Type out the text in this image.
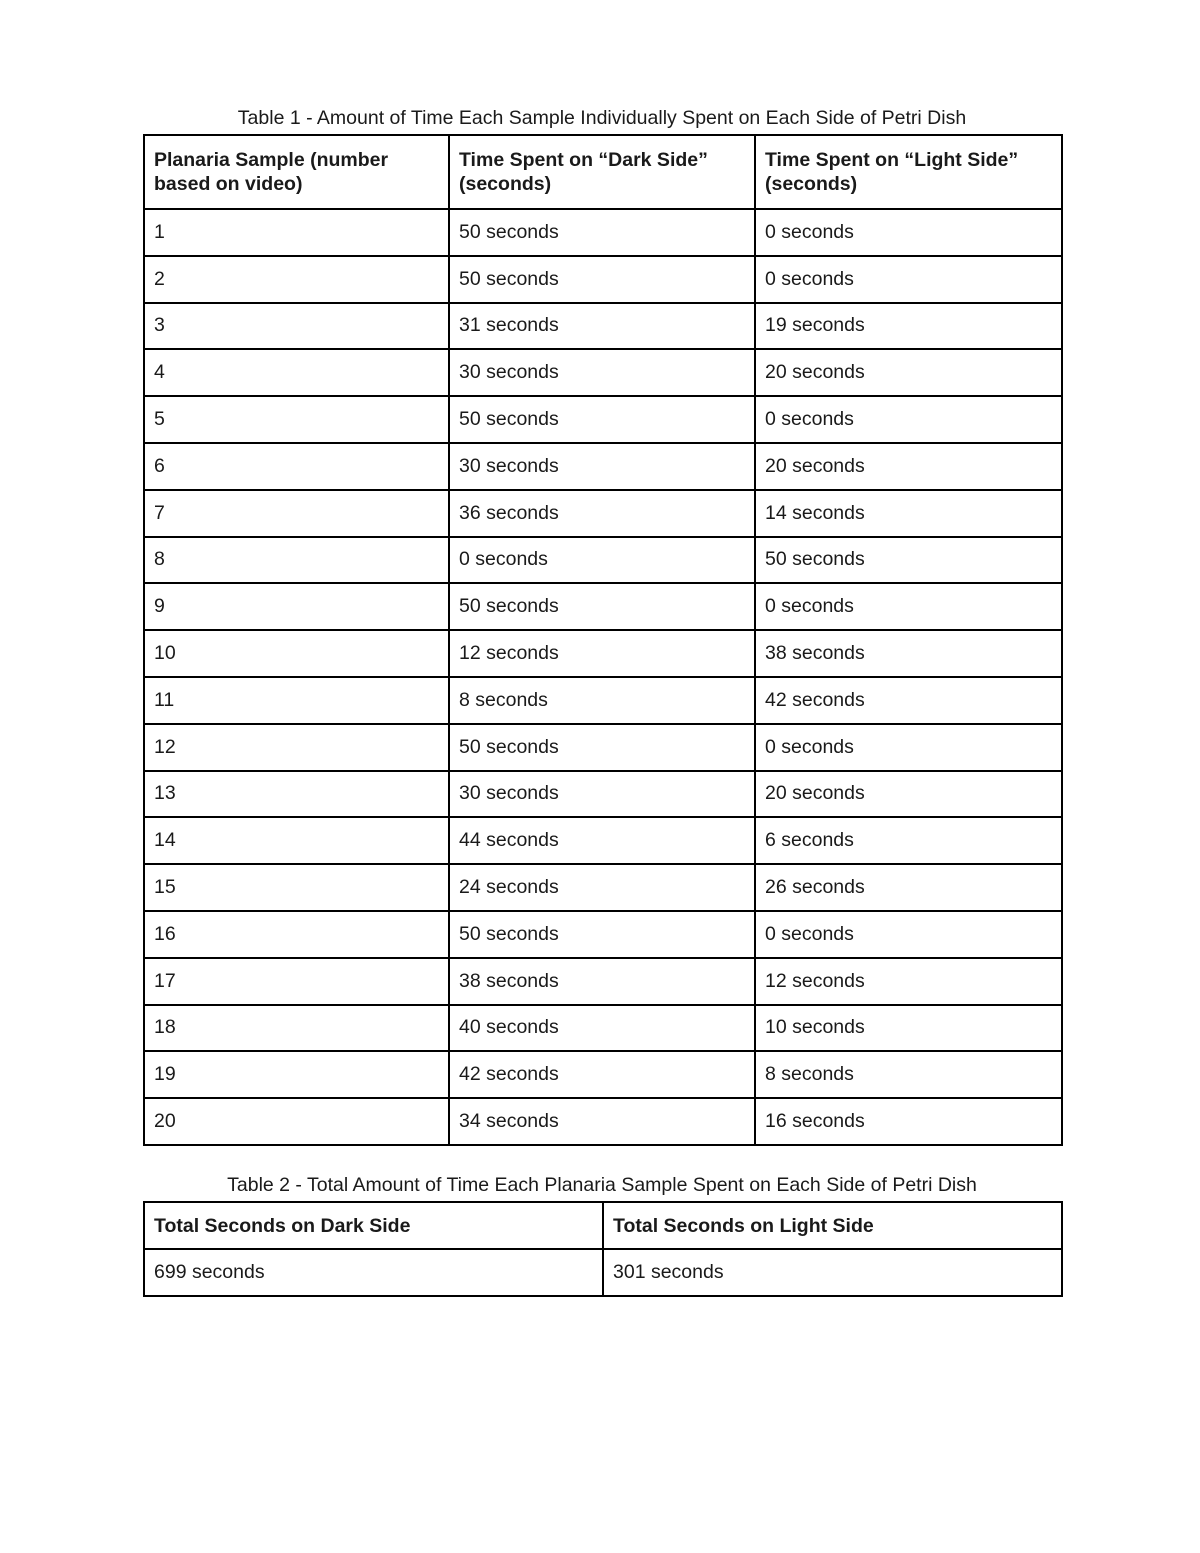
Table 1 - Amount of Time Each Sample Individually Spent on Each Side of Petri Dish
Planaria Sample (number based on video)	Time Spent on “Dark Side” (seconds)	Time Spent on “Light Side” (seconds)
1	50 seconds	0 seconds
2	50 seconds	0 seconds
3	31 seconds	19 seconds
4	30 seconds	20 seconds
5	50 seconds	0 seconds
6	30 seconds	20 seconds
7	36 seconds	14 seconds
8	0 seconds	50 seconds
9	50 seconds	0 seconds
10	12 seconds	38 seconds
11	8 seconds	42 seconds
12	50 seconds	0 seconds
13	30 seconds	20 seconds
14	44 seconds	6 seconds
15	24 seconds	26 seconds
16	50 seconds	0 seconds
17	38 seconds	12 seconds
18	40 seconds	10 seconds
19	42 seconds	8 seconds
20	34 seconds	16 seconds
Table 2 - Total Amount of Time Each Planaria Sample Spent on Each Side of Petri Dish
Total Seconds on Dark Side	Total Seconds on Light Side
699 seconds	301 seconds
